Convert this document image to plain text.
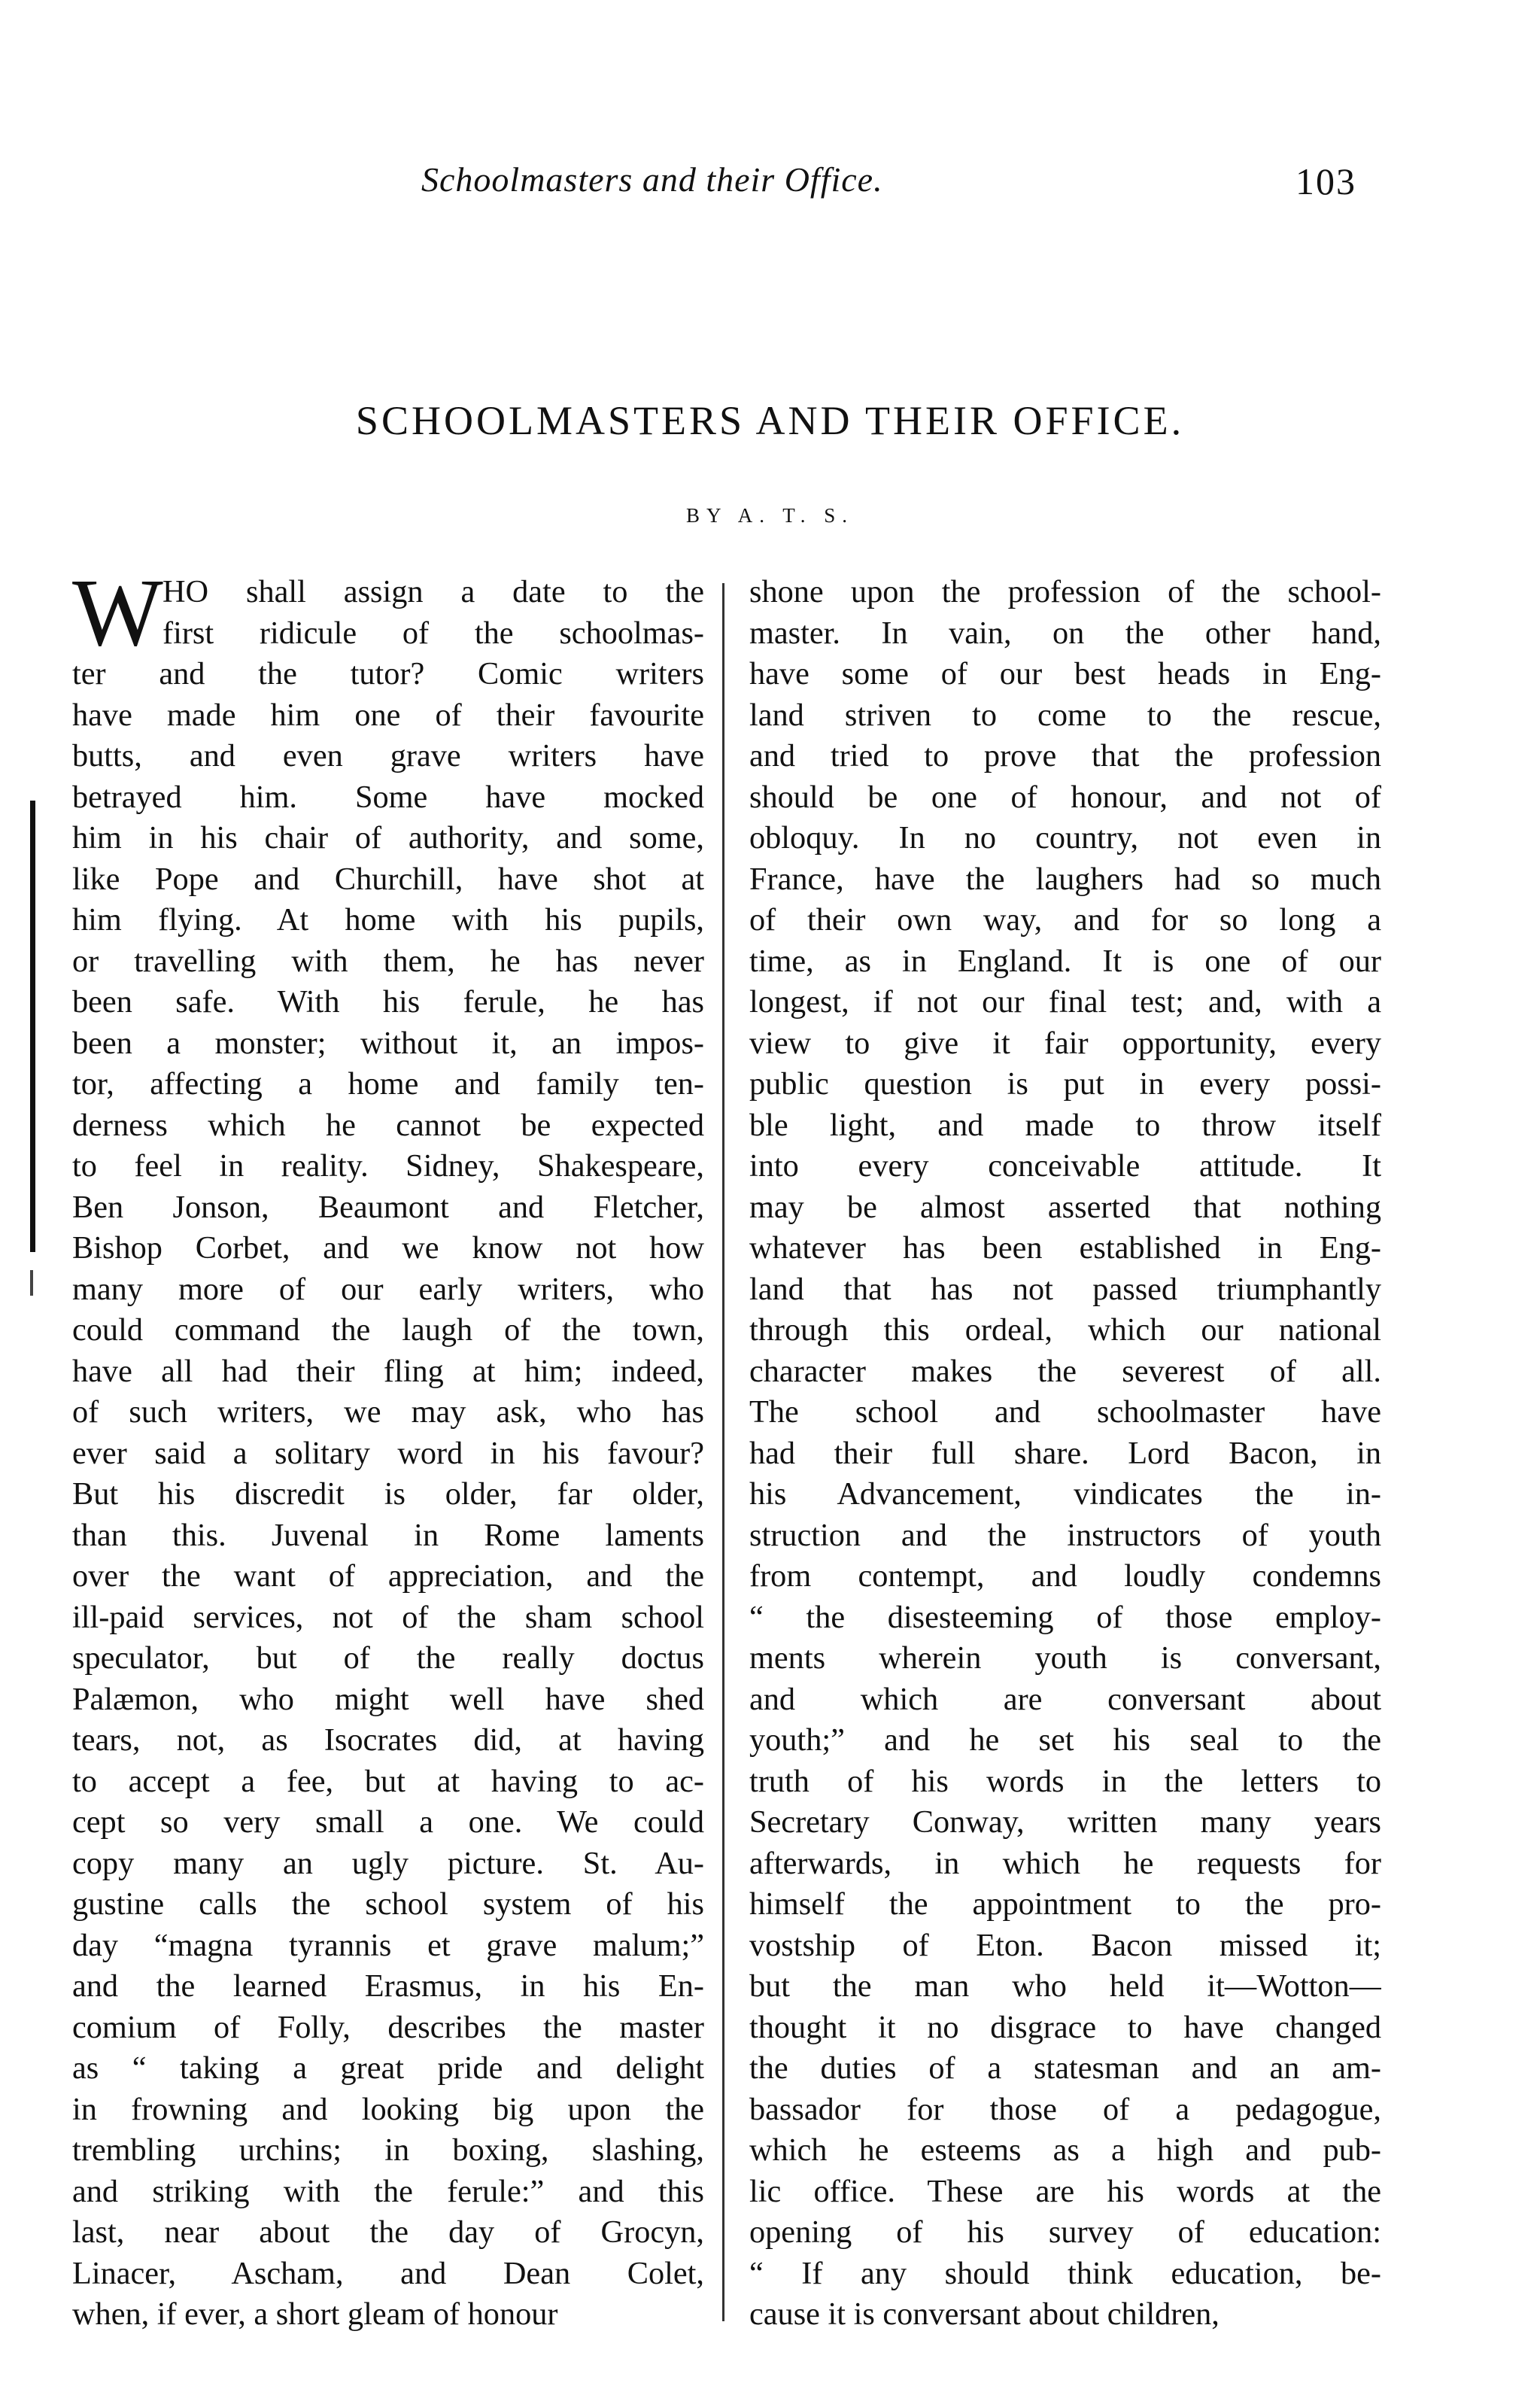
Schoolmasters and their Office.	103
SCHOOLMASTERS AND THEIR OFFICE.
BY A. T. S.
W HO shall assign a date to the
first ridicule of the schoolmas-
ter and the tutor? Comic writers
have made him one of their favourite
butts, and even grave writers have
betrayed him. Some have mocked
him in his chair of authority, and some,
like Pope and Churchill, have shot at
him flying. At home with his pupils,
or travelling with them, he has never
been safe. With his ferule, he has
been a monster; without it, an impos-
tor, affecting a home and family ten-
derness which he cannot be expected
to feel in reality. Sidney, Shakespeare,
Ben Jonson, Beaumont and Fletcher,
Bishop Corbet, and we know not how
many more of our early writers, who
could command the laugh of the town,
have all had their fling at him; indeed,
of such writers, we may ask, who has
ever said a solitary word in his favour?
But his discredit is older, far older,
than this. Juvenal in Rome laments
over the want of appreciation, and the
ill-paid services, not of the sham school
speculator, but of the really doctus
Palæmon, who might well have shed
tears, not, as Isocrates did, at having
to accept a fee, but at having to ac-
cept so very small a one. We could
copy many an ugly picture. St. Au-
gustine calls the school system of his
day “magna tyrannis et grave malum;”
and the learned Erasmus, in his En-
comium of Folly, describes the master
as “ taking a great pride and delight
in frowning and looking big upon the
trembling urchins; in boxing, slashing,
and striking with the ferule:” and this
last, near about the day of Grocyn,
Linacer, Ascham, and Dean Colet,
when, if ever, a short gleam of honour
shone upon the profession of the school-
master. In vain, on the other hand,
have some of our best heads in Eng-
land striven to come to the rescue,
and tried to prove that the profession
should be one of honour, and not of
obloquy. In no country, not even in
France, have the laughers had so much
of their own way, and for so long a
time, as in England. It is one of our
longest, if not our final test; and, with a
view to give it fair opportunity, every
public question is put in every possi-
ble light, and made to throw itself
into every conceivable attitude. It
may be almost asserted that nothing
whatever has been established in Eng-
land that has not passed triumphantly
through this ordeal, which our national
character makes the severest of all.
The school and schoolmaster have
had their full share. Lord Bacon, in
his Advancement, vindicates the in-
struction and the instructors of youth
from contempt, and loudly condemns
“ the disesteeming of those employ-
ments wherein youth is conversant,
and which are conversant about
youth;” and he set his seal to the
truth of his words in the letters to
Secretary Conway, written many years
afterwards, in which he requests for
himself the appointment to the pro-
vostship of Eton. Bacon missed it;
but the man who held it—Wotton—
thought it no disgrace to have changed
the duties of a statesman and an am-
bassador for those of a pedagogue,
which he esteems as a high and pub-
lic office. These are his words at the
opening of his survey of education:
“ If any should think education, be-
cause it is conversant about children,
